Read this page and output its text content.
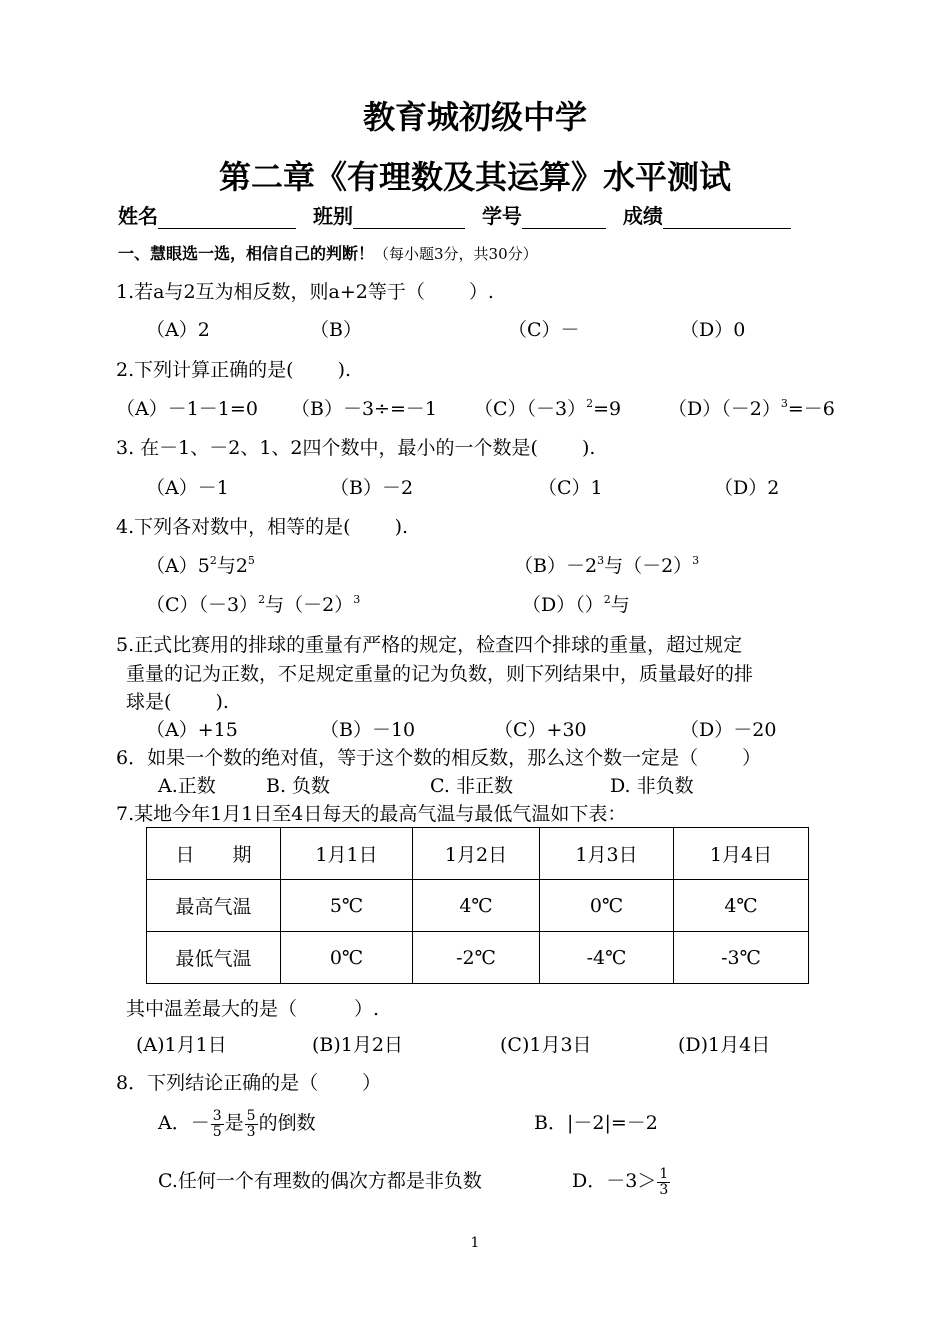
教育城初级中学
第二章《有理数及其运算》水平测试
姓名	班别	学号	成绩
一、慧眼选一选，相信自己的判断！（每小题3分，共30分）
1.若a与2互为相反数，则a+2等于（　　 ）.
（A）2	（B）	（C）－	（D）0
2.下列计算正确的是(　　 ).
（A）－1－1=0 （B）－3÷=－1 $(C)(-3)^2=9$ $(D)(-2)^3=-6$
3. 在－1、－2、1、2四个数中，最小的一个数是(　　 ).
（A）－1	（B）－2	（C）1	（D）2
4.下列各对数中，相等的是(　　 ).
$(A)5^2$与$2^5$	$(B)-2^3$与$(-2)^3$
$(C)(-3)^2$与$(-2)^3$	（D）（）$^2$与
5.正式比赛用的排球的重量有严格的规定，检查四个排球的重量，超过规定
重量的记为正数，不足规定重量的记为负数，则下列结果中，质量最好的排
球是(　　 ).
（A）+15	（B）－10	（C）+30	（D）－20
6．如果一个数的绝对值，等于这个数的相反数，那么这个数一定是（　　 ）
A.正数	B. 负数	C. 非正数	D. 非负数
7.某地今年1月1日至4日每天的最高气温与最低气温如下表：
日　　期	1月1日	1月2日	1月3日	1月4日
最高气温	5℃	4℃	0℃	4℃
最低气温	0℃	-2℃	-4℃	-3℃
其中温差最大的是（　　　）.
(A)1月1日	(B)1月2日	(C)1月3日	(D)1月4日
8．下列结论正确的是（　　 ）
A．－ $\frac{3}{5}$ 是 $\frac{5}{3}$ 的倒数	B．|－2|=－2
C.任何一个有理数的偶次方都是非负数	D．$-3> \frac{1}{3}$
1
